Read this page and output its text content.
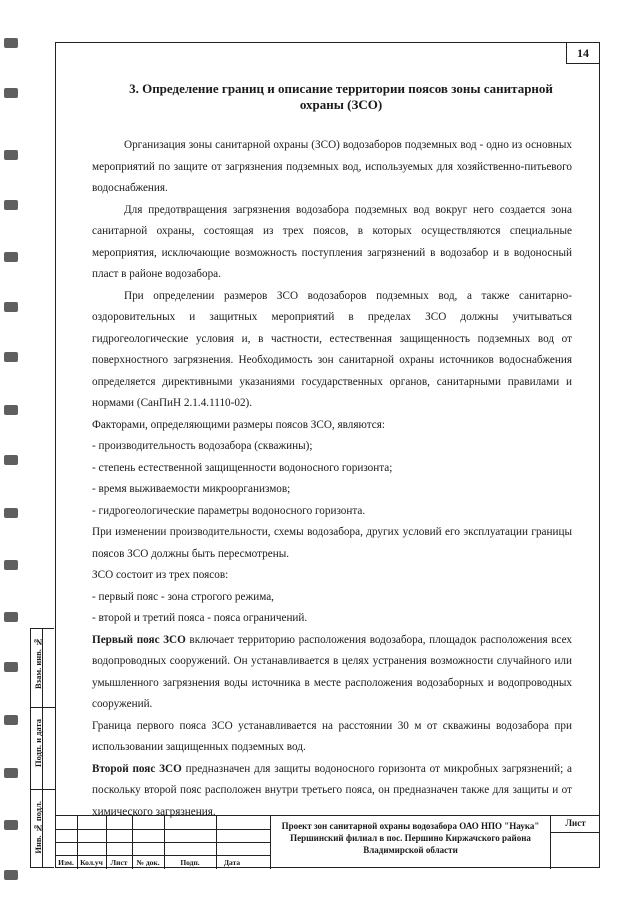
Взам. инв. №
Подп. и дата
Инв. № подл.
14
3. Определение границ и описание территории поясов зоны санитарной
охраны (ЗСО)

Организация зоны санитарной охраны (ЗСО) водозаборов подземных вод - одно из основных мероприятий по защите от загрязнения подземных вод, используемых для хозяйственно-питьевого водоснабжения.

Для предотвращения загрязнения водозабора подземных вод вокруг него создается зона санитарной охраны, состоящая из трех поясов, в которых осуществляются специальные мероприятия, исключающие возможность поступления загрязнений в водозабор и в водоносный пласт в районе водозабора.

При определении размеров ЗСО водозаборов подземных вод, а также санитарно-оздоровительных и защитных мероприятий в пределах ЗСО должны учитываться гидрогеологические условия и, в частности, естественная защищенность подземных вод от поверхностного загрязнения. Необходимость зон санитарной охраны источников водоснабжения определяется директивными указаниями государственных органов, санитарными правилами и нормами (СанПиН 2.1.4.1110-02).

Факторами, определяющими размеры поясов ЗСО, являются:

- производительность водозабора (скважины);

- степень естественной защищенности водоносного горизонта;

- время выживаемости микроорганизмов;

- гидрогеологические параметры водоносного горизонта.

При изменении производительности, схемы водозабора, других условий его эксплуатации границы поясов ЗСО должны быть пересмотрены.

ЗСО состоит из трех поясов:

- первый пояс - зона строгого режима,

- второй и третий пояса - пояса ограничений.

Первый пояс ЗСО включает территорию расположения водозабора, площадок расположения всех водопроводных сооружений. Он устанавливается в целях устранения возможности случайного или умышленного загрязнения воды источника в месте расположения водозаборных и водопроводных сооружений.

Граница первого пояса ЗСО устанавливается на расстоянии 30 м от скважины водозабора при использовании защищенных подземных вод.

Второй пояс ЗСО предназначен для защиты водоносного горизонта от микробных загрязнений; а поскольку второй пояс расположен внутри третьего пояса, он предназначен также для защиты и от химического загрязнения.

Изм. Кол.уч	Лист	№ док.	Подп.	Дата
Проект зон санитарной охраны водозабора ОАО НПО "Наука"
Першинский филиал в пос. Першино Киржачского района
Владимирской области
Лист
